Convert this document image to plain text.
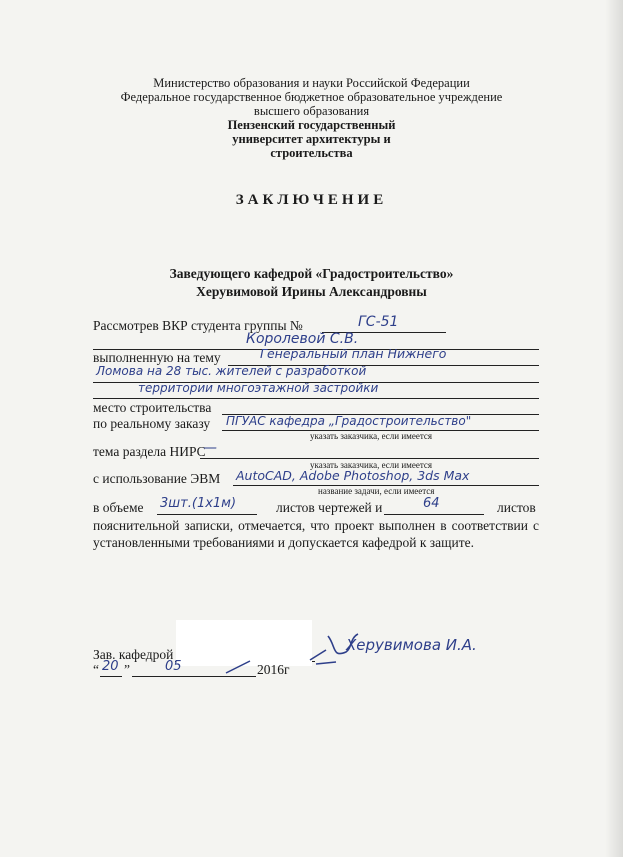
Министерство образования и науки Российской Федерации
Федеральное государственное бюджетное образовательное учреждение
высшего образования
Пензенский государственный
университет архитектуры и
строительства
ЗАКЛЮЧЕНИЕ
Заведующего кафедрой «Градостроительство»
Херувимовой Ирины Александровны
Рассмотрев ВКР студента группы №	ГС-51
Королевой С.В.
выполненную на тему	Генеральный план Нижнего
Ломова на 28 тыс. жителей с разработкой
территории многоэтажной застройки
место строительства
по реальному заказу ПГУАС кафедра „Градостроительство"
указать заказчика, если имеется
тема раздела НИРС
—
указать заказчика, если имеется
с использование ЭВМ AutoCAD, Adobe Photoshop, 3ds Max
название задачи, если имеется
в объеме 3шт.(1х1м)	листов чертежей и	64	листов
пояснительной записки, отмечается, что проект выполнен в соответствии с установленными требованиями и допускается кафедрой к защите.
Зав. кафедрой
Херувимова И.А.
“ 20 ”	05	2016г
